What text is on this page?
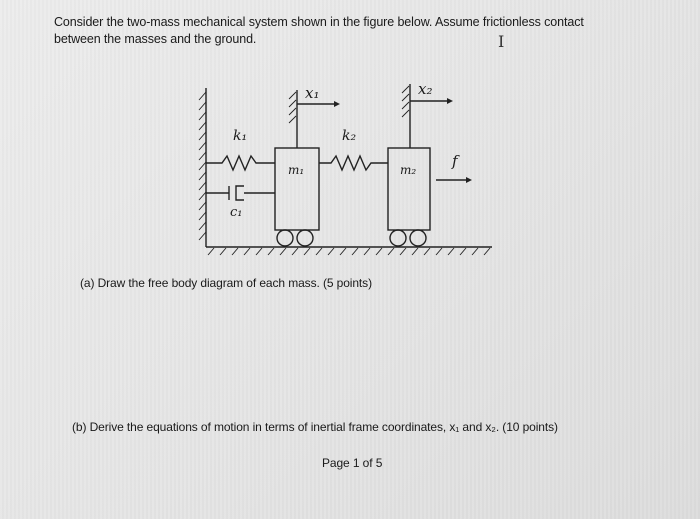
Consider the two-mass mechanical system shown in the figure below. Assume frictionless contact
between the masses and the ground.	I
x₁	x₂
k₁	k₂
m₁	m₂
c₁
f
(a) Draw the free body diagram of each mass. (5 points)
(b) Derive the equations of motion in terms of inertial frame coordinates, x₁ and x₂. (10 points)
Page 1 of 5
